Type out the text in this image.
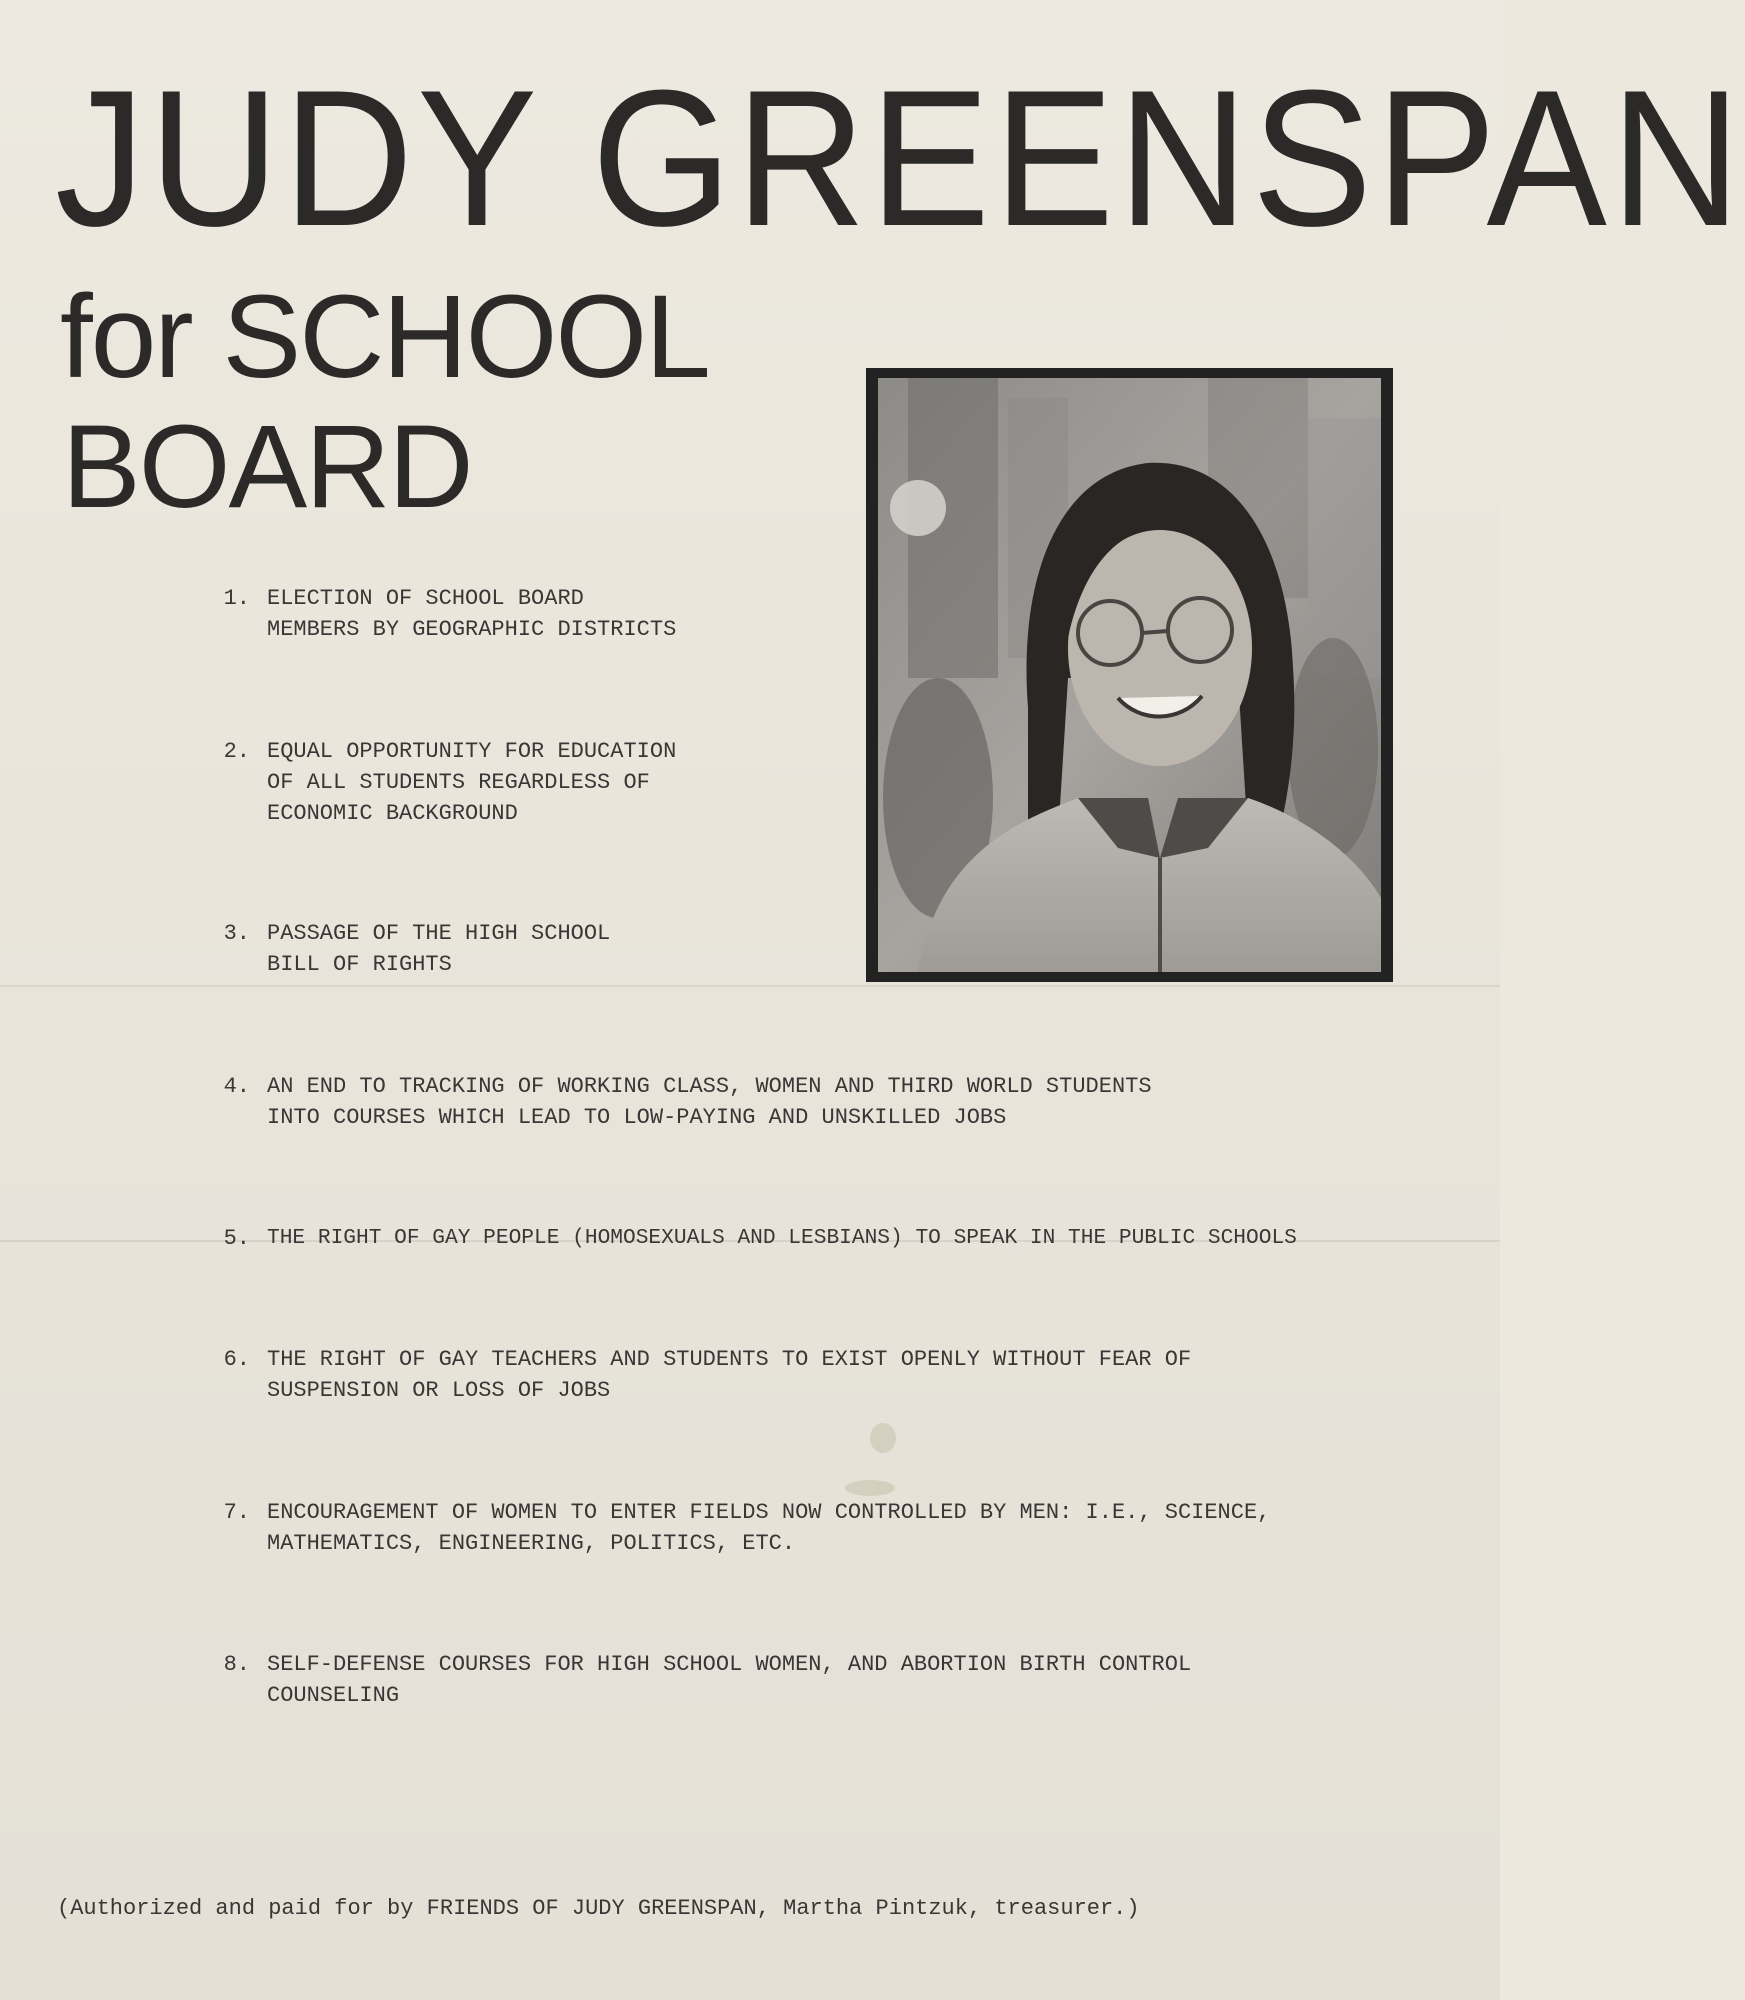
JUDY GREENSPAN
for SCHOOL
BOARD
1. ELECTION OF SCHOOL BOARD
MEMBERS BY GEOGRAPHIC DISTRICTS
2. EQUAL OPPORTUNITY FOR EDUCATION
OF ALL STUDENTS REGARDLESS OF
ECONOMIC BACKGROUND
3. PASSAGE OF THE HIGH SCHOOL
BILL OF RIGHTS
4. AN END TO TRACKING OF WORKING CLASS, WOMEN AND THIRD WORLD STUDENTS
INTO COURSES WHICH LEAD TO LOW-PAYING AND UNSKILLED JOBS
5. THE RIGHT OF GAY PEOPLE (HOMOSEXUALS AND LESBIANS) TO SPEAK IN THE PUBLIC SCHOOLS
6. THE RIGHT OF GAY TEACHERS AND STUDENTS TO EXIST OPENLY WITHOUT FEAR OF
SUSPENSION OR LOSS OF JOBS
7. ENCOURAGEMENT OF WOMEN TO ENTER FIELDS NOW CONTROLLED BY MEN: I.E., SCIENCE,
MATHEMATICS, ENGINEERING, POLITICS, ETC.
8. SELF-DEFENSE COURSES FOR HIGH SCHOOL WOMEN, AND ABORTION BIRTH CONTROL
COUNSELING
(Authorized and paid for by FRIENDS OF JUDY GREENSPAN, Martha Pintzuk, treasurer.)
